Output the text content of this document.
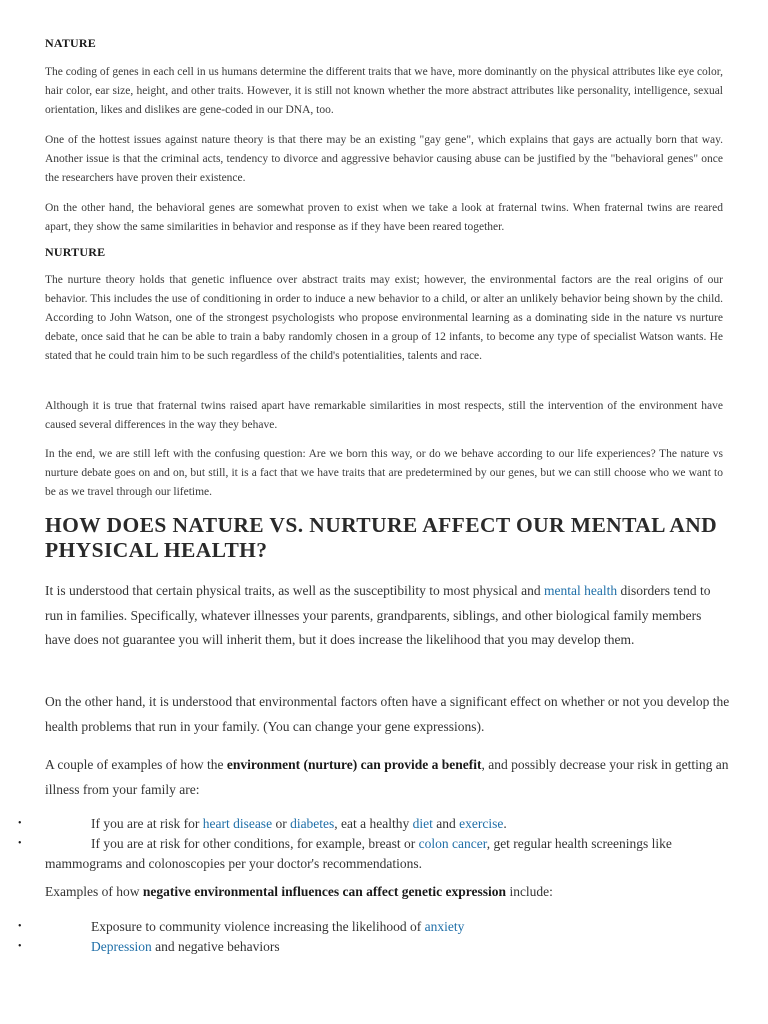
NATURE

The coding of genes in each cell in us humans determine the different traits that we have, more dominantly on the physical attributes like eye color, hair color, ear size, height, and other traits. However, it is still not known whether the more abstract attributes like personality, intelligence, sexual orientation, likes and dislikes are gene-coded in our DNA, too.

One of the hottest issues against nature theory is that there may be an existing "gay gene", which explains that gays are actually born that way. Another issue is that the criminal acts, tendency to divorce and aggressive behavior causing abuse can be justified by the "behavioral genes" once the researchers have proven their existence.

On the other hand, the behavioral genes are somewhat proven to exist when we take a look at fraternal twins. When fraternal twins are reared apart, they show the same similarities in behavior and response as if they have been reared together.

NURTURE

The nurture theory holds that genetic influence over abstract traits may exist; however, the environmental factors are the real origins of our behavior. This includes the use of conditioning in order to induce a new behavior to a child, or alter an unlikely behavior being shown by the child. According to John Watson, one of the strongest psychologists who propose environmental learning as a dominating side in the nature vs nurture debate, once said that he can be able to train a baby randomly chosen in a group of 12 infants, to become any type of specialist Watson wants. He stated that he could train him to be such regardless of the child's potentialities, talents and race.

Although it is true that fraternal twins raised apart have remarkable similarities in most respects, still the intervention of the environment have caused several differences in the way they behave.

In the end, we are still left with the confusing question: Are we born this way, or do we behave according to our life experiences? The nature vs nurture debate goes on and on, but still, it is a fact that we have traits that are predetermined by our genes, but we can still choose who we want to be as we travel through our lifetime.

HOW DOES NATURE VS. NURTURE AFFECT OUR MENTAL AND PHYSICAL HEALTH?

It is understood that certain physical traits, as well as the susceptibility to most physical and mental health disorders tend to run in families. Specifically, whatever illnesses your parents, grandparents, siblings, and other biological family members have does not guarantee you will inherit them, but it does increase the likelihood that you may develop them.

On the other hand, it is understood that environmental factors often have a significant effect on whether or not you develop the health problems that run in your family. (You can change your gene expressions).

A couple of examples of how the environment (nurture) can provide a benefit, and possibly decrease your risk in getting an illness from your family are:

•	If you are at risk for heart disease or diabetes, eat a healthy diet and exercise.

•	If you are at risk for other conditions, for example, breast or colon cancer, get regular health screenings like mammograms and colonoscopies per your doctor's recommendations.

Examples of how negative environmental influences can affect genetic expression include:

•	Exposure to community violence increasing the likelihood of anxiety

•	Depression and negative behaviors
